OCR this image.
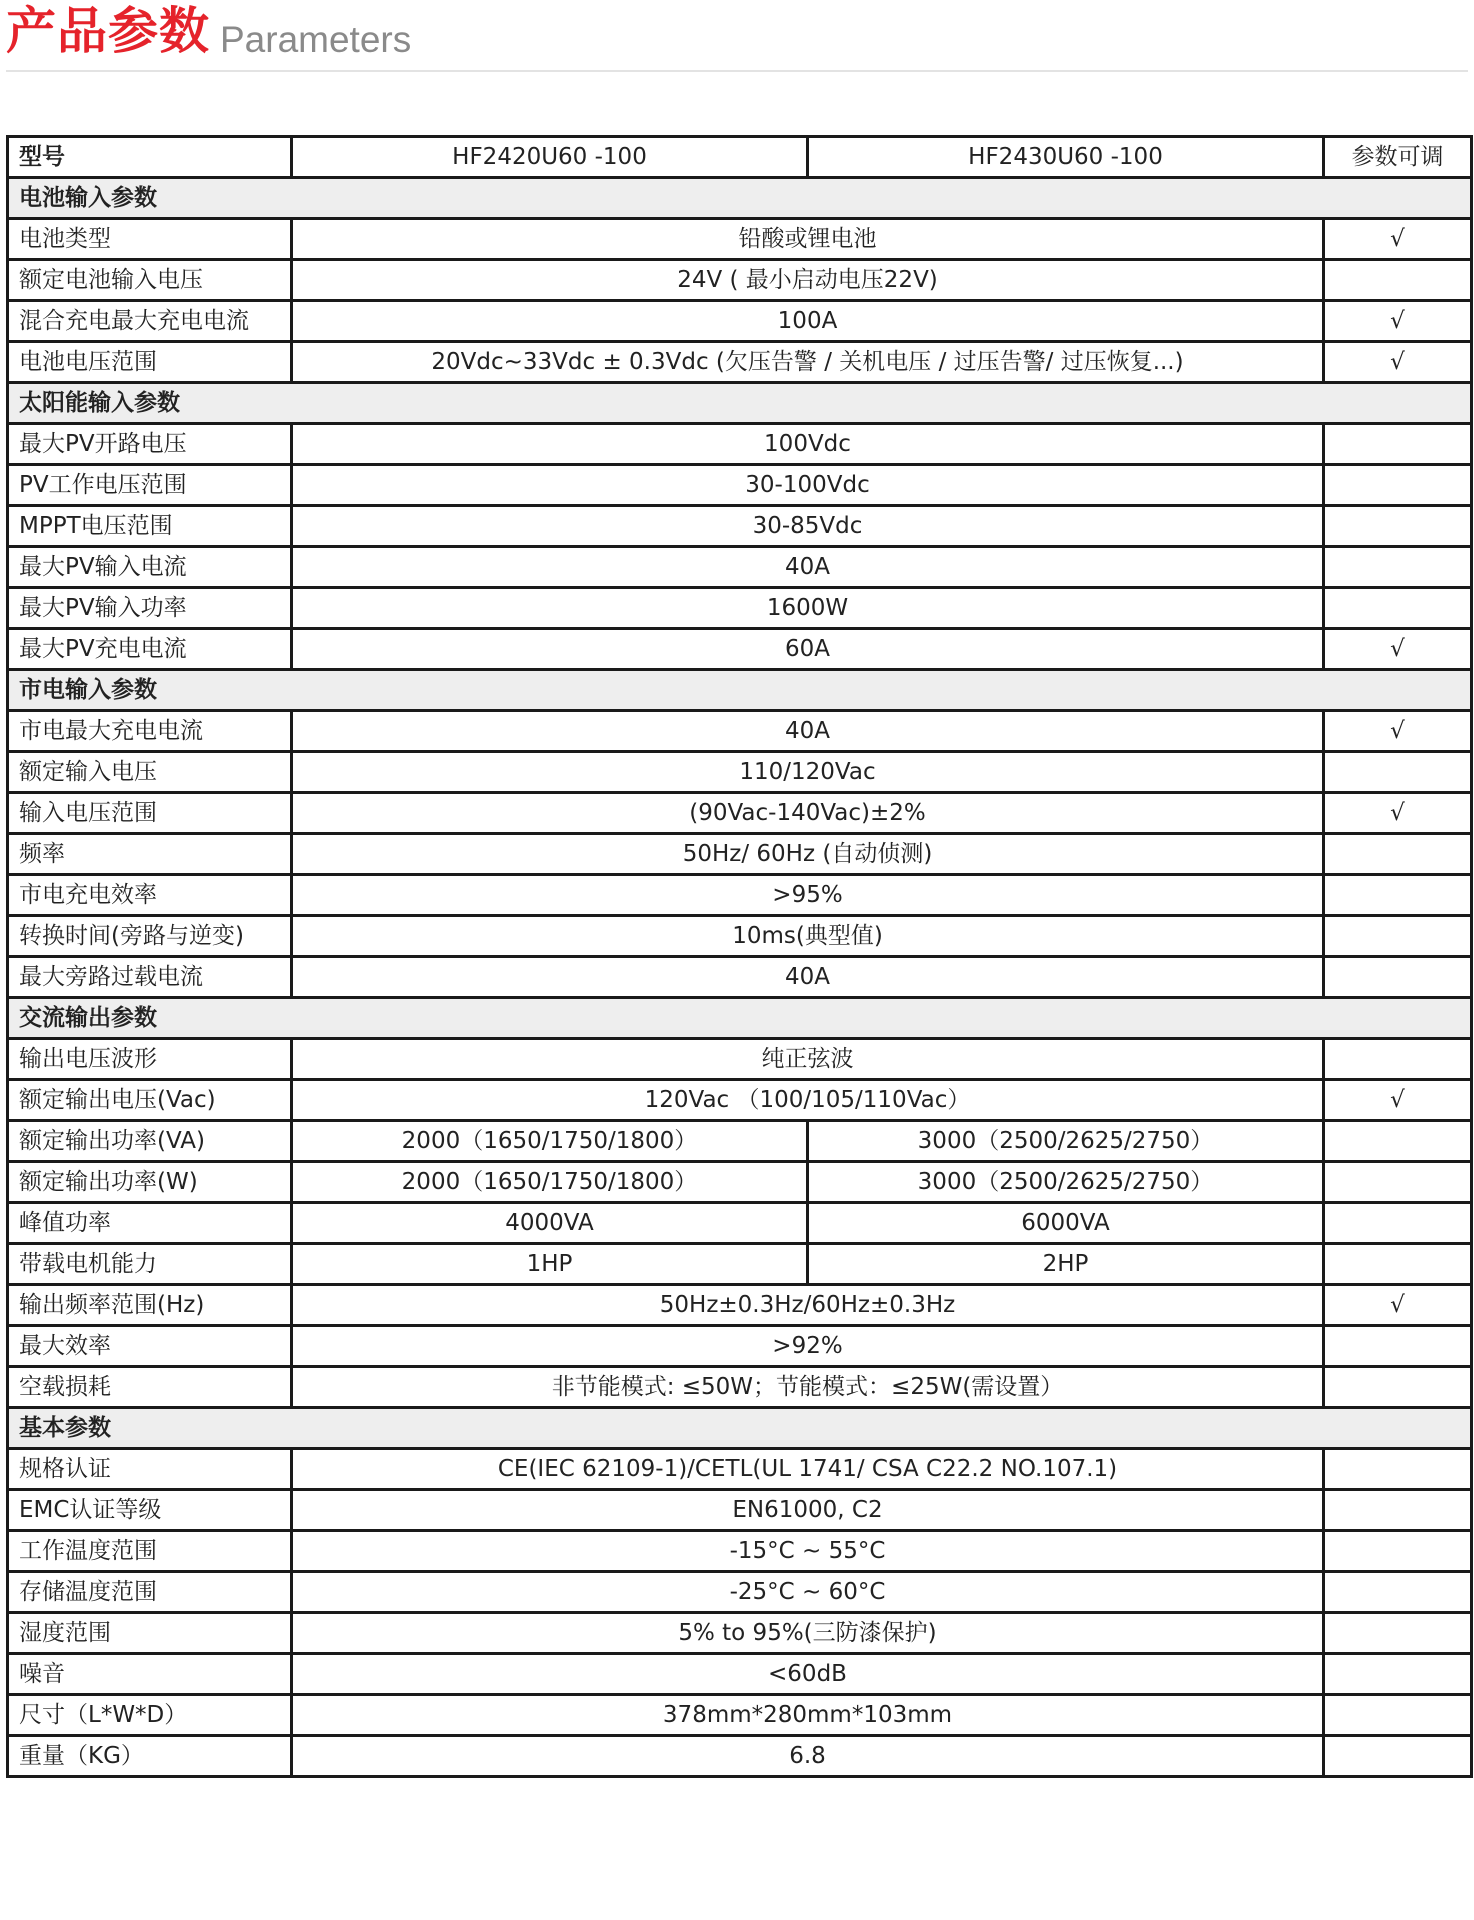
产品参数 Parameters
型号	HF2420U60 -100	HF2430U60 -100	参数可调
电池输入参数			
电池类型	铅酸或锂电池		√
额定电池输入电压	24V ( 最小启动电压22V)		
混合充电最大充电电流	100A		√
电池电压范围	20Vdc~33Vdc ± 0.3Vdc (欠压告警 / 关机电压 / 过压告警/ 过压恢复...)		√
太阳能输入参数			
最大PV开路电压	100Vdc		
PV工作电压范围	30-100Vdc		
MPPT电压范围	30-85Vdc		
最大PV输入电流	40A		
最大PV输入功率	1600W		
最大PV充电电流	60A		√
市电输入参数			
市电最大充电电流	40A		√
额定输入电压	110/120Vac		
输入电压范围	(90Vac-140Vac)±2%		√
频率	50Hz/ 60Hz (自动侦测)		
市电充电效率	>95%		
转换时间(旁路与逆变)	10ms(典型值)		
最大旁路过载电流	40A		
交流输出参数			
输出电压波形	纯正弦波		
额定输出电压(Vac)	120Vac （100/105/110Vac）		√
额定输出功率(VA)	2000（1650/1750/1800）	3000（2500/2625/2750）	
额定输出功率(W)	2000（1650/1750/1800）	3000（2500/2625/2750）	
峰值功率	4000VA	6000VA	
带载电机能力	1HP	2HP	
输出频率范围(Hz)	50Hz±0.3Hz/60Hz±0.3Hz		√
最大效率	>92%		
空载损耗	非节能模式: ≤50W；节能模式：≤25W(需设置）		
基本参数			
规格认证	CE(IEC 62109-1)/CETL(UL 1741/ CSA C22.2 NO.107.1)		
EMC认证等级	EN61000, C2		
工作温度范围	-15°C ~ 55°C		
存储温度范围	-25°C ~ 60°C		
湿度范围	5% to 95%(三防漆保护)		
噪音	<60dB		
尺寸（L*W*D）	378mm*280mm*103mm		
重量（KG）	6.8		
